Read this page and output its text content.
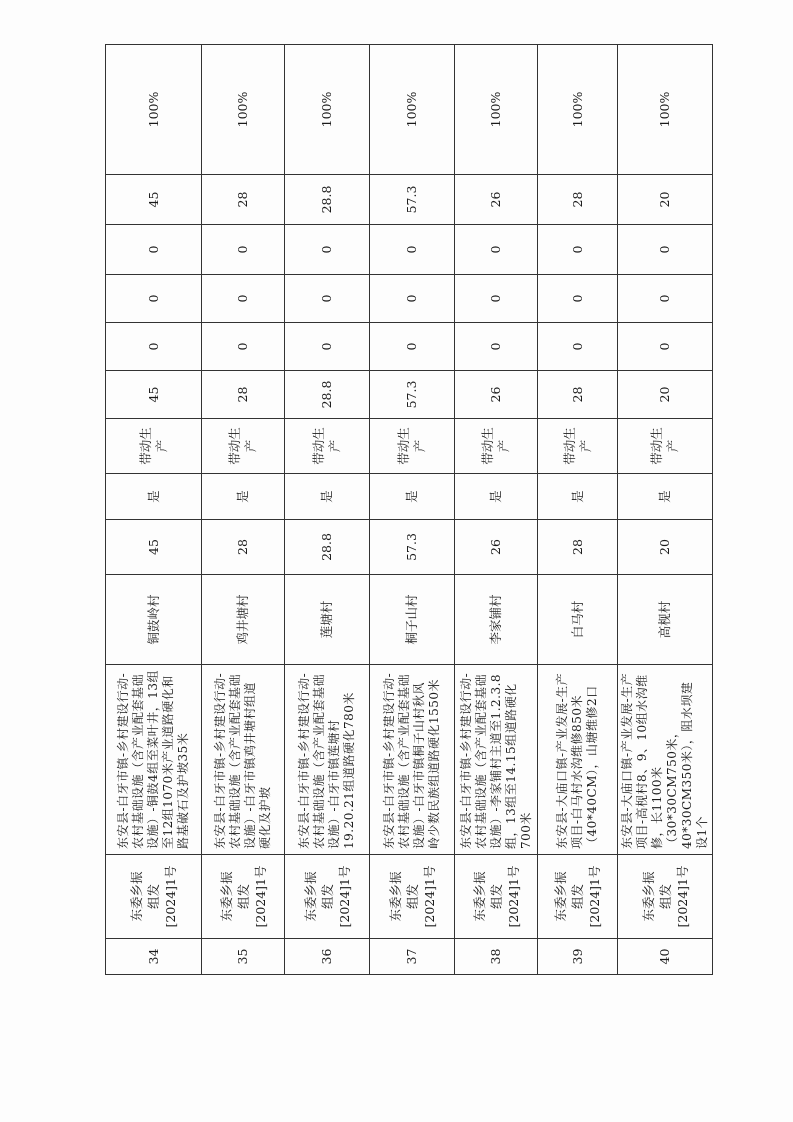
34	东委乡振 组发 [2024]1号	东安县-白牙市镇-乡村建设行动-农村基础设施（含产业配套基础设施）-铜鼓4组至菜叶井，13组至12组1070米产业道路硬化和路基破石及护坡35米	铜鼓岭村	45	是	带动生产	45	0	0	0	45	100%
35	东委乡振 组发 [2024]1号	东安县-白牙市镇-乡村建设行动-农村基础设施（含产业配套基础设施）-白牙市镇鸡井塘村组道硬化及护坡	鸡井塘村	28	是	带动生产	28	0	0	0	28	100%
36	东委乡振 组发 [2024]1号	东安县-白牙市镇-乡村建设行动-农村基础设施（含产业配套基础设施）-白牙市镇莲塘村19.20.21组道路硬化780米	莲塘村	28.8	是	带动生产	28.8	0	0	0	28.8	100%
37	东委乡振 组发 [2024]1号	东安县-白牙市镇-乡村建设行动-农村基础设施（含产业配套基础设施）-白牙市镇桐子山村秋风岭少数民族组道路硬化1550米	桐子山村	57.3	是	带动生产	57.3	0	0	0	57.3	100%
38	东委乡振 组发 [2024]1号	东安县-白牙市镇-乡村建设行动-农村基础设施（含产业配套基础设施）-李家铺村主道至1.2.3.8组，13组至14.15组道路硬化700米	李家铺村	26	是	带动生产	26	0	0	0	26	100%
39	东委乡振 组发 [2024]1号	东安县-大庙口镇-产业发展-生产项目-白马村水沟维修850米（40*40CM），山塘维修2口	白马村	28	是	带动生产	28	0	0	0	28	100%
40	东委乡振 组发 [2024]1号	东安县-大庙口镇-产业发展-生产项目-高枧村8、9、10组水沟维修，长1100米（30*30CM750米，40*30CM350米），阻水坝建设1个	高枧村	20	是	带动生产	20	0	0	0	20	100%
